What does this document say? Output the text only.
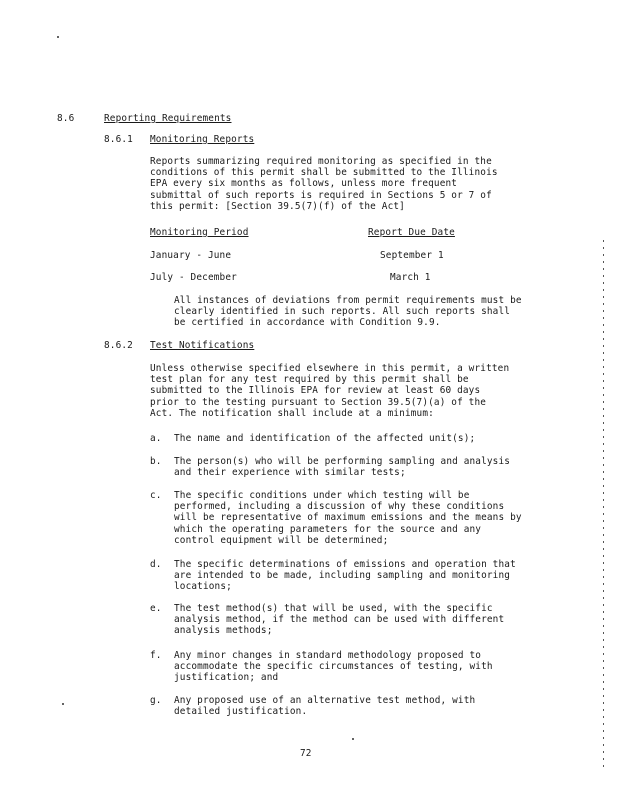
8.6	Reporting Requirements
8.6.1 Monitoring Reports
Reports summarizing required monitoring as specified in the conditions of this permit shall be submitted to the Illinois EPA every six months as follows, unless more frequent submittal of such reports is required in Sections 5 or 7 of this permit: [Section 39.5(7)(f) of the Act]
Monitoring Period	Report Due Date
January - June	September 1
July - December	March 1
All instances of deviations from permit requirements must be clearly identified in such reports. All such reports shall be certified in accordance with Condition 9.9.
8.6.2 Test Notifications
Unless otherwise specified elsewhere in this permit, a written test plan for any test required by this permit shall be submitted to the Illinois EPA for review at least 60 days prior to the testing pursuant to Section 39.5(7)(a) of the Act. The notification shall include at a minimum:
a. The name and identification of the affected unit(s);
b. The person(s) who will be performing sampling and analysis and their experience with similar tests;
c. The specific conditions under which testing will be performed, including a discussion of why these conditions will be representative of maximum emissions and the means by which the operating parameters for the source and any control equipment will be determined;
d. The specific determinations of emissions and operation that are intended to be made, including sampling and monitoring locations;
e. The test method(s) that will be used, with the specific analysis method, if the method can be used with different analysis methods;
f. Any minor changes in standard methodology proposed to accommodate the specific circumstances of testing, with justification; and
g. Any proposed use of an alternative test method, with detailed justification.
72
